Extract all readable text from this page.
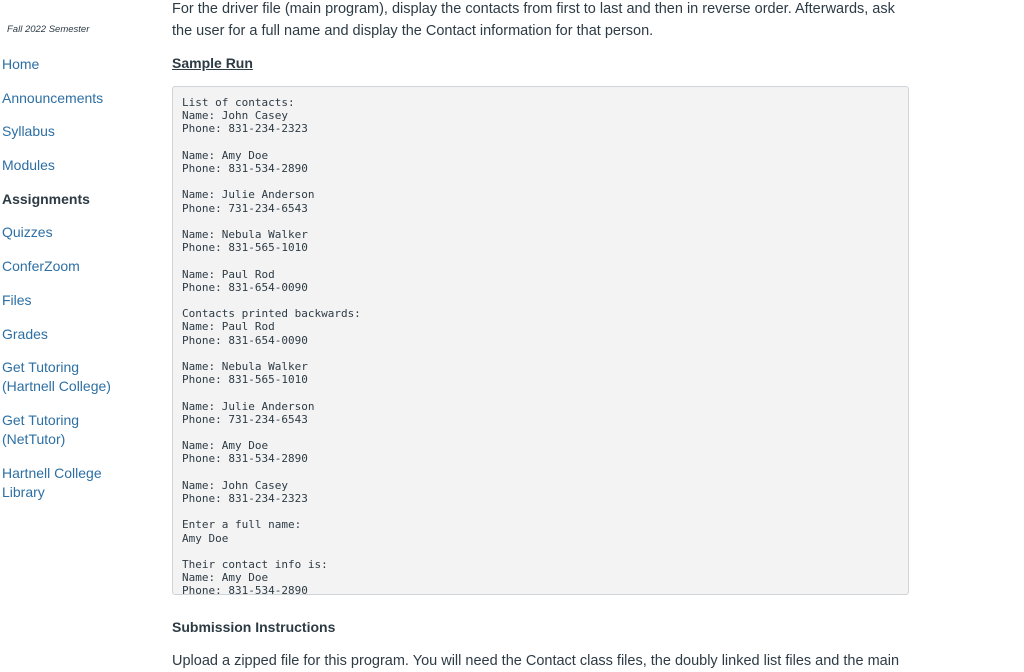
Fall 2022 Semester
Home
Announcements
Syllabus
Modules
Assignments
Quizzes
ConferZoom
Files
Grades
Get Tutoring (Hartnell College)
Get Tutoring (NetTutor)
Hartnell College Library
For the driver file (main program), display the contacts from first to last and then in reverse order. Afterwards, ask the user for a full name and display the Contact information for that person.
Sample Run
List of contacts:
Name: John Casey
Phone: 831-234-2323
Name: Amy Doe
Phone: 831-534-2890
Name: Julie Anderson
Phone: 731-234-6543
Name: Nebula Walker
Phone: 831-565-1010
Name: Paul Rod
Phone: 831-654-0090
Contacts printed backwards:
Name: Paul Rod
Phone: 831-654-0090
Name: Nebula Walker
Phone: 831-565-1010
Name: Julie Anderson
Phone: 731-234-6543
Name: Amy Doe
Phone: 831-534-2890
Name: John Casey
Phone: 831-234-2323
Enter a full name:
Amy Doe
Their contact info is:
Name: Amy Doe
Phone: 831-534-2890
Submission Instructions
Upload a zipped file for this program. You will need the Contact class files, the doubly linked list files and the main
